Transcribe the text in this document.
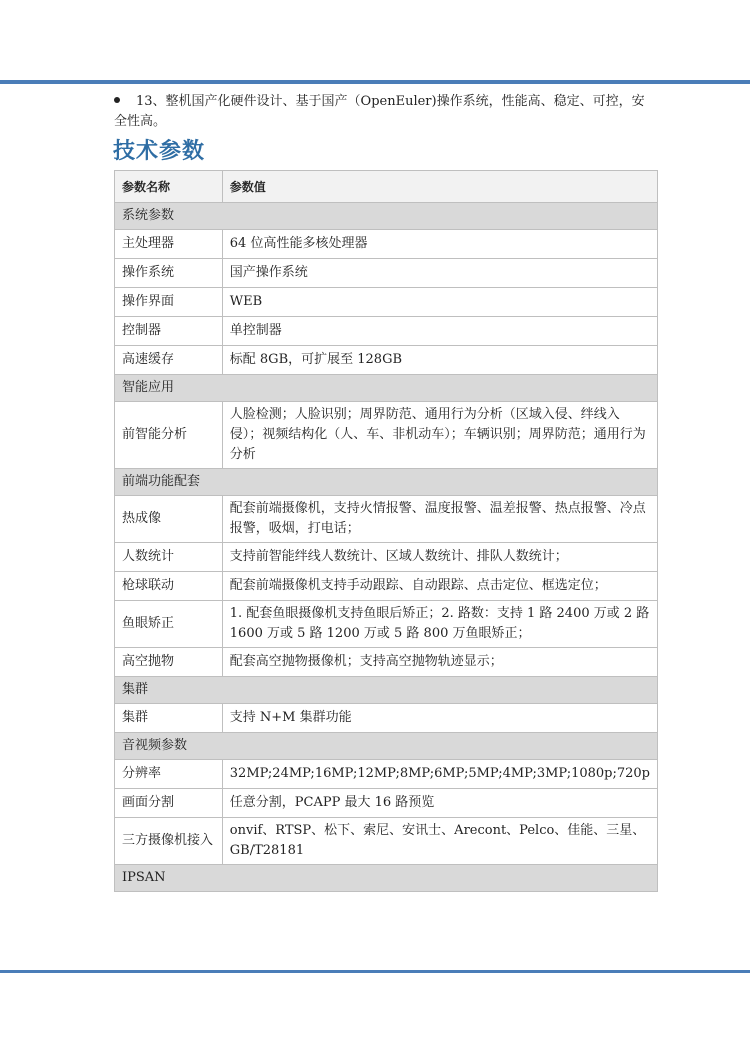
13、整机国产化硬件设计、基于国产（OpenEuler)操作系统，性能高、稳定、可控，安全性高。

技术参数
参数名称	参数值
系统参数	
主处理器	64 位高性能多核处理器
操作系统	国产操作系统
操作界面	WEB
控制器	单控制器
高速缓存	标配 8GB，可扩展至 128GB
智能应用	
前智能分析	人脸检测；人脸识别；周界防范、通用行为分析（区域入侵、绊线入侵）；视频结构化（人、车、非机动车）；车辆识别；周界防范；通用行为分析
前端功能配套	
热成像	配套前端摄像机，支持火情报警、温度报警、温差报警、热点报警、冷点报警，吸烟，打电话；
人数统计	支持前智能绊线人数统计、区域人数统计、排队人数统计；
枪球联动	配套前端摄像机支持手动跟踪、自动跟踪、点击定位、框选定位；
鱼眼矫正	1. 配套鱼眼摄像机支持鱼眼后矫正；2. 路数：支持 1 路 2400 万或 2 路 1600 万或 5 路 1200 万或 5 路 800 万鱼眼矫正；
高空抛物	配套高空抛物摄像机；支持高空抛物轨迹显示；
集群	
集群	支持 N+M 集群功能
音视频参数	
分辨率	32MP;24MP;16MP;12MP;8MP;6MP;5MP;4MP;3MP;1080p;720p
画面分割	任意分割，PCAPP 最大 16 路预览
三方摄像机接入	onvif、RTSP、松下、索尼、安讯士、Arecont、Pelco、佳能、三星、GB/T28181
IPSAN	
